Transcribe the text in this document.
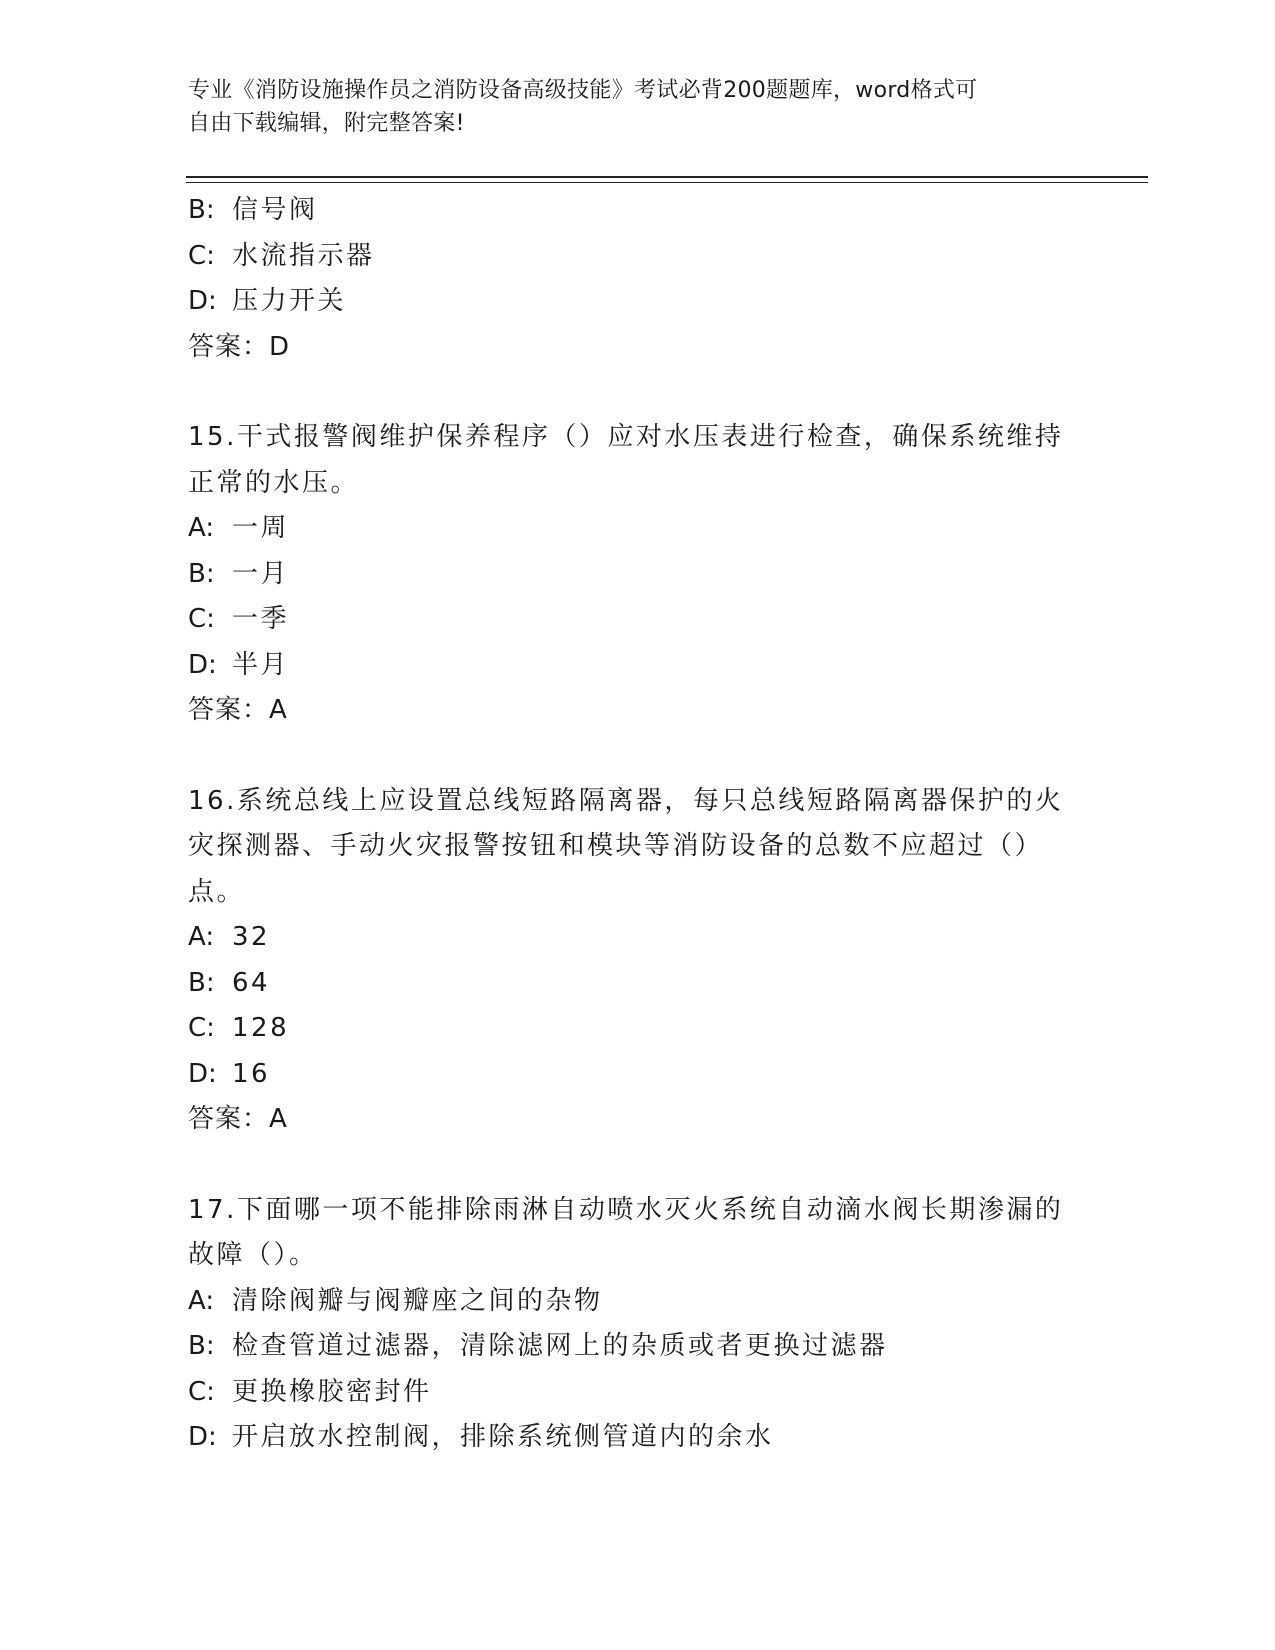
专业《消防设施操作员之消防设备高级技能》考试必背200题题库，word格式可
自由下载编辑，附完整答案!
B: 信号阀
C: 水流指示器
D: 压力开关
答案：D
15.干式报警阀维护保养程序（）应对水压表进行检查，确保系统维持
正常的水压。
A: 一周
B: 一月
C: 一季
D: 半月
答案：A
16.系统总线上应设置总线短路隔离器，每只总线短路隔离器保护的火
灾探测器、手动火灾报警按钮和模块等消防设备的总数不应超过（）
点。
A: 32
B: 64
C: 128
D: 16
答案：A
17.下面哪一项不能排除雨淋自动喷水灭火系统自动滴水阀长期渗漏的
故障（）。
A: 清除阀瓣与阀瓣座之间的杂物
B: 检查管道过滤器，清除滤网上的杂质或者更换过滤器
C: 更换橡胶密封件
D: 开启放水控制阀，排除系统侧管道内的余水
